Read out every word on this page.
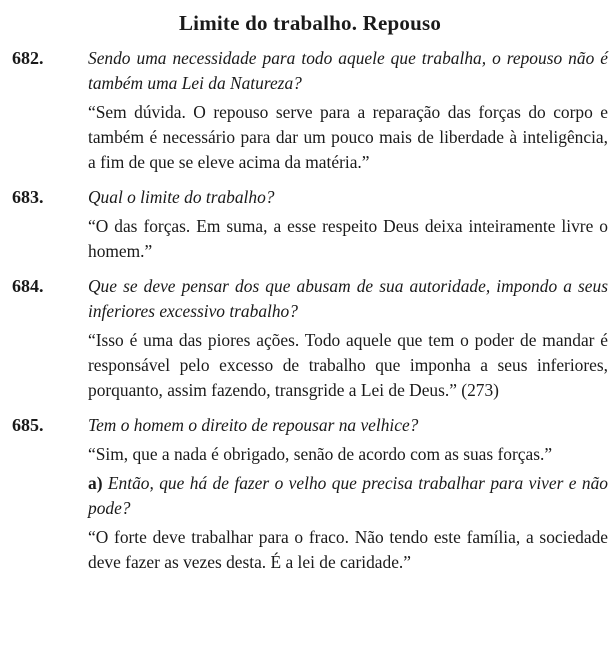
Limite do trabalho. Repouso
682.	Sendo uma necessidade para todo aquele que trabalha, o repouso não é também uma Lei da Natureza?

“Sem dúvida. O repouso serve para a reparação das forças do corpo e também é necessário para dar um pouco mais de liberdade à inteligência, a fim de que se eleve acima da matéria.”

683.	Qual o limite do trabalho?

“O das forças. Em suma, a esse respeito Deus deixa inteiramente livre o homem.”

684.	Que se deve pensar dos que abusam de sua autoridade, impondo a seus inferiores excessivo trabalho?

“Isso é uma das piores ações. Todo aquele que tem o poder de mandar é responsável pelo excesso de trabalho que imponha a seus inferiores, porquanto, assim fazendo, transgride a Lei de Deus.” (273)

685.	Tem o homem o direito de repousar na velhice?

“Sim, que a nada é obrigado, senão de acordo com as suas forças.”

a) Então, que há de fazer o velho que precisa trabalhar para viver e não pode?

“O forte deve trabalhar para o fraco. Não tendo este família, a sociedade deve fazer as vezes desta. É a lei de caridade.”
